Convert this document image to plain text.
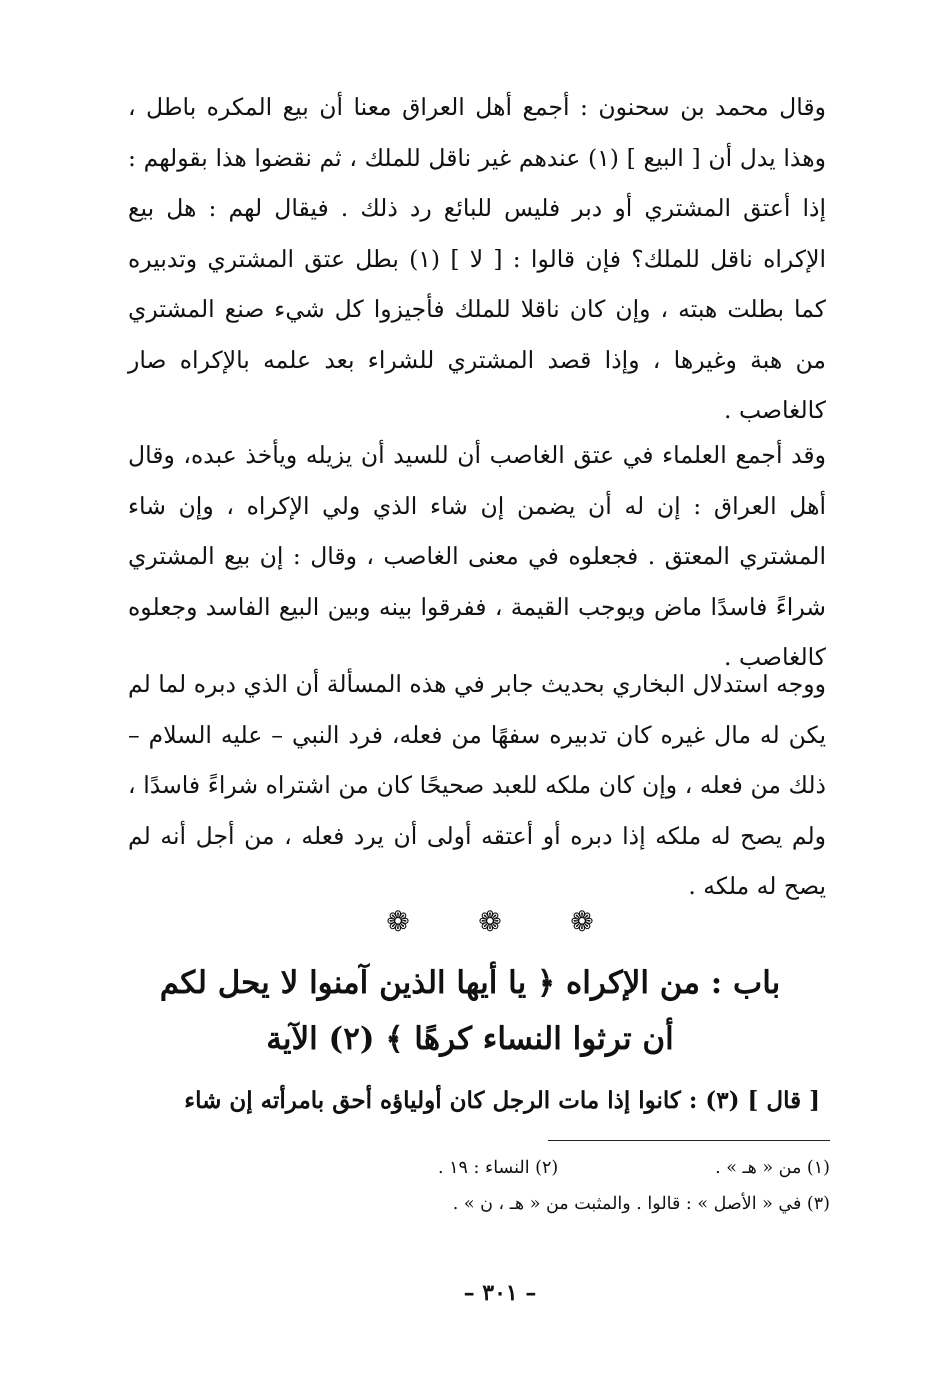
وقال محمد بن سحنون : أجمع أهل العراق معنا أن بيع المكره باطل ، وهذا يدل أن [ البيع ] (١) عندهم غير ناقل للملك ، ثم نقضوا هذا بقولهم : إذا أعتق المشتري أو دبر فليس للبائع رد ذلك . فيقال لهم : هل بيع الإكراه ناقل للملك؟ فإن قالوا : [ لا ] (١) بطل عتق المشتري وتدبيره كما بطلت هبته ، وإن كان ناقلا للملك فأجيزوا كل شيء صنع المشتري من هبة وغيرها ، وإذا قصد المشتري للشراء بعد علمه بالإكراه صار كالغاصب .

وقد أجمع العلماء في عتق الغاصب أن للسيد أن يزيله ويأخذ عبده، وقال أهل العراق : إن له أن يضمن إن شاء الذي ولي الإكراه ، وإن شاء المشتري المعتق . فجعلوه في معنى الغاصب ، وقال : إن بيع المشتري شراءً فاسدًا ماض ويوجب القيمة ، ففرقوا بينه وبين البيع الفاسد وجعلوه كالغاصب .

ووجه استدلال البخاري بحديث جابر في هذه المسألة أن الذي دبره لما لم يكن له مال غيره كان تدبيره سفهًا من فعله، فرد النبي – عليه السلام – ذلك من فعله ، وإن كان ملكه للعبد صحيحًا كان من اشتراه شراءً فاسدًا ، ولم يصح له ملكه إذا دبره أو أعتقه أولى أن يرد فعله ، من أجل أنه لم يصح له ملكه .

❁ ❁ ❁
باب : من الإكراه ﴿ يا أيها الذين آمنوا لا يحل لكم
أن ترثوا النساء كرهًا ﴾ (٢) الآية

[ قال ] (٣) : كانوا إذا مات الرجل كان أولياؤه أحق بامرأته إن شاء

(١) من « هـ » .
(٢) النساء : ١٩ .
(٣) في « الأصل » : قالوا . والمثبت من « هـ ، ن » .
– ٣٠١ –
